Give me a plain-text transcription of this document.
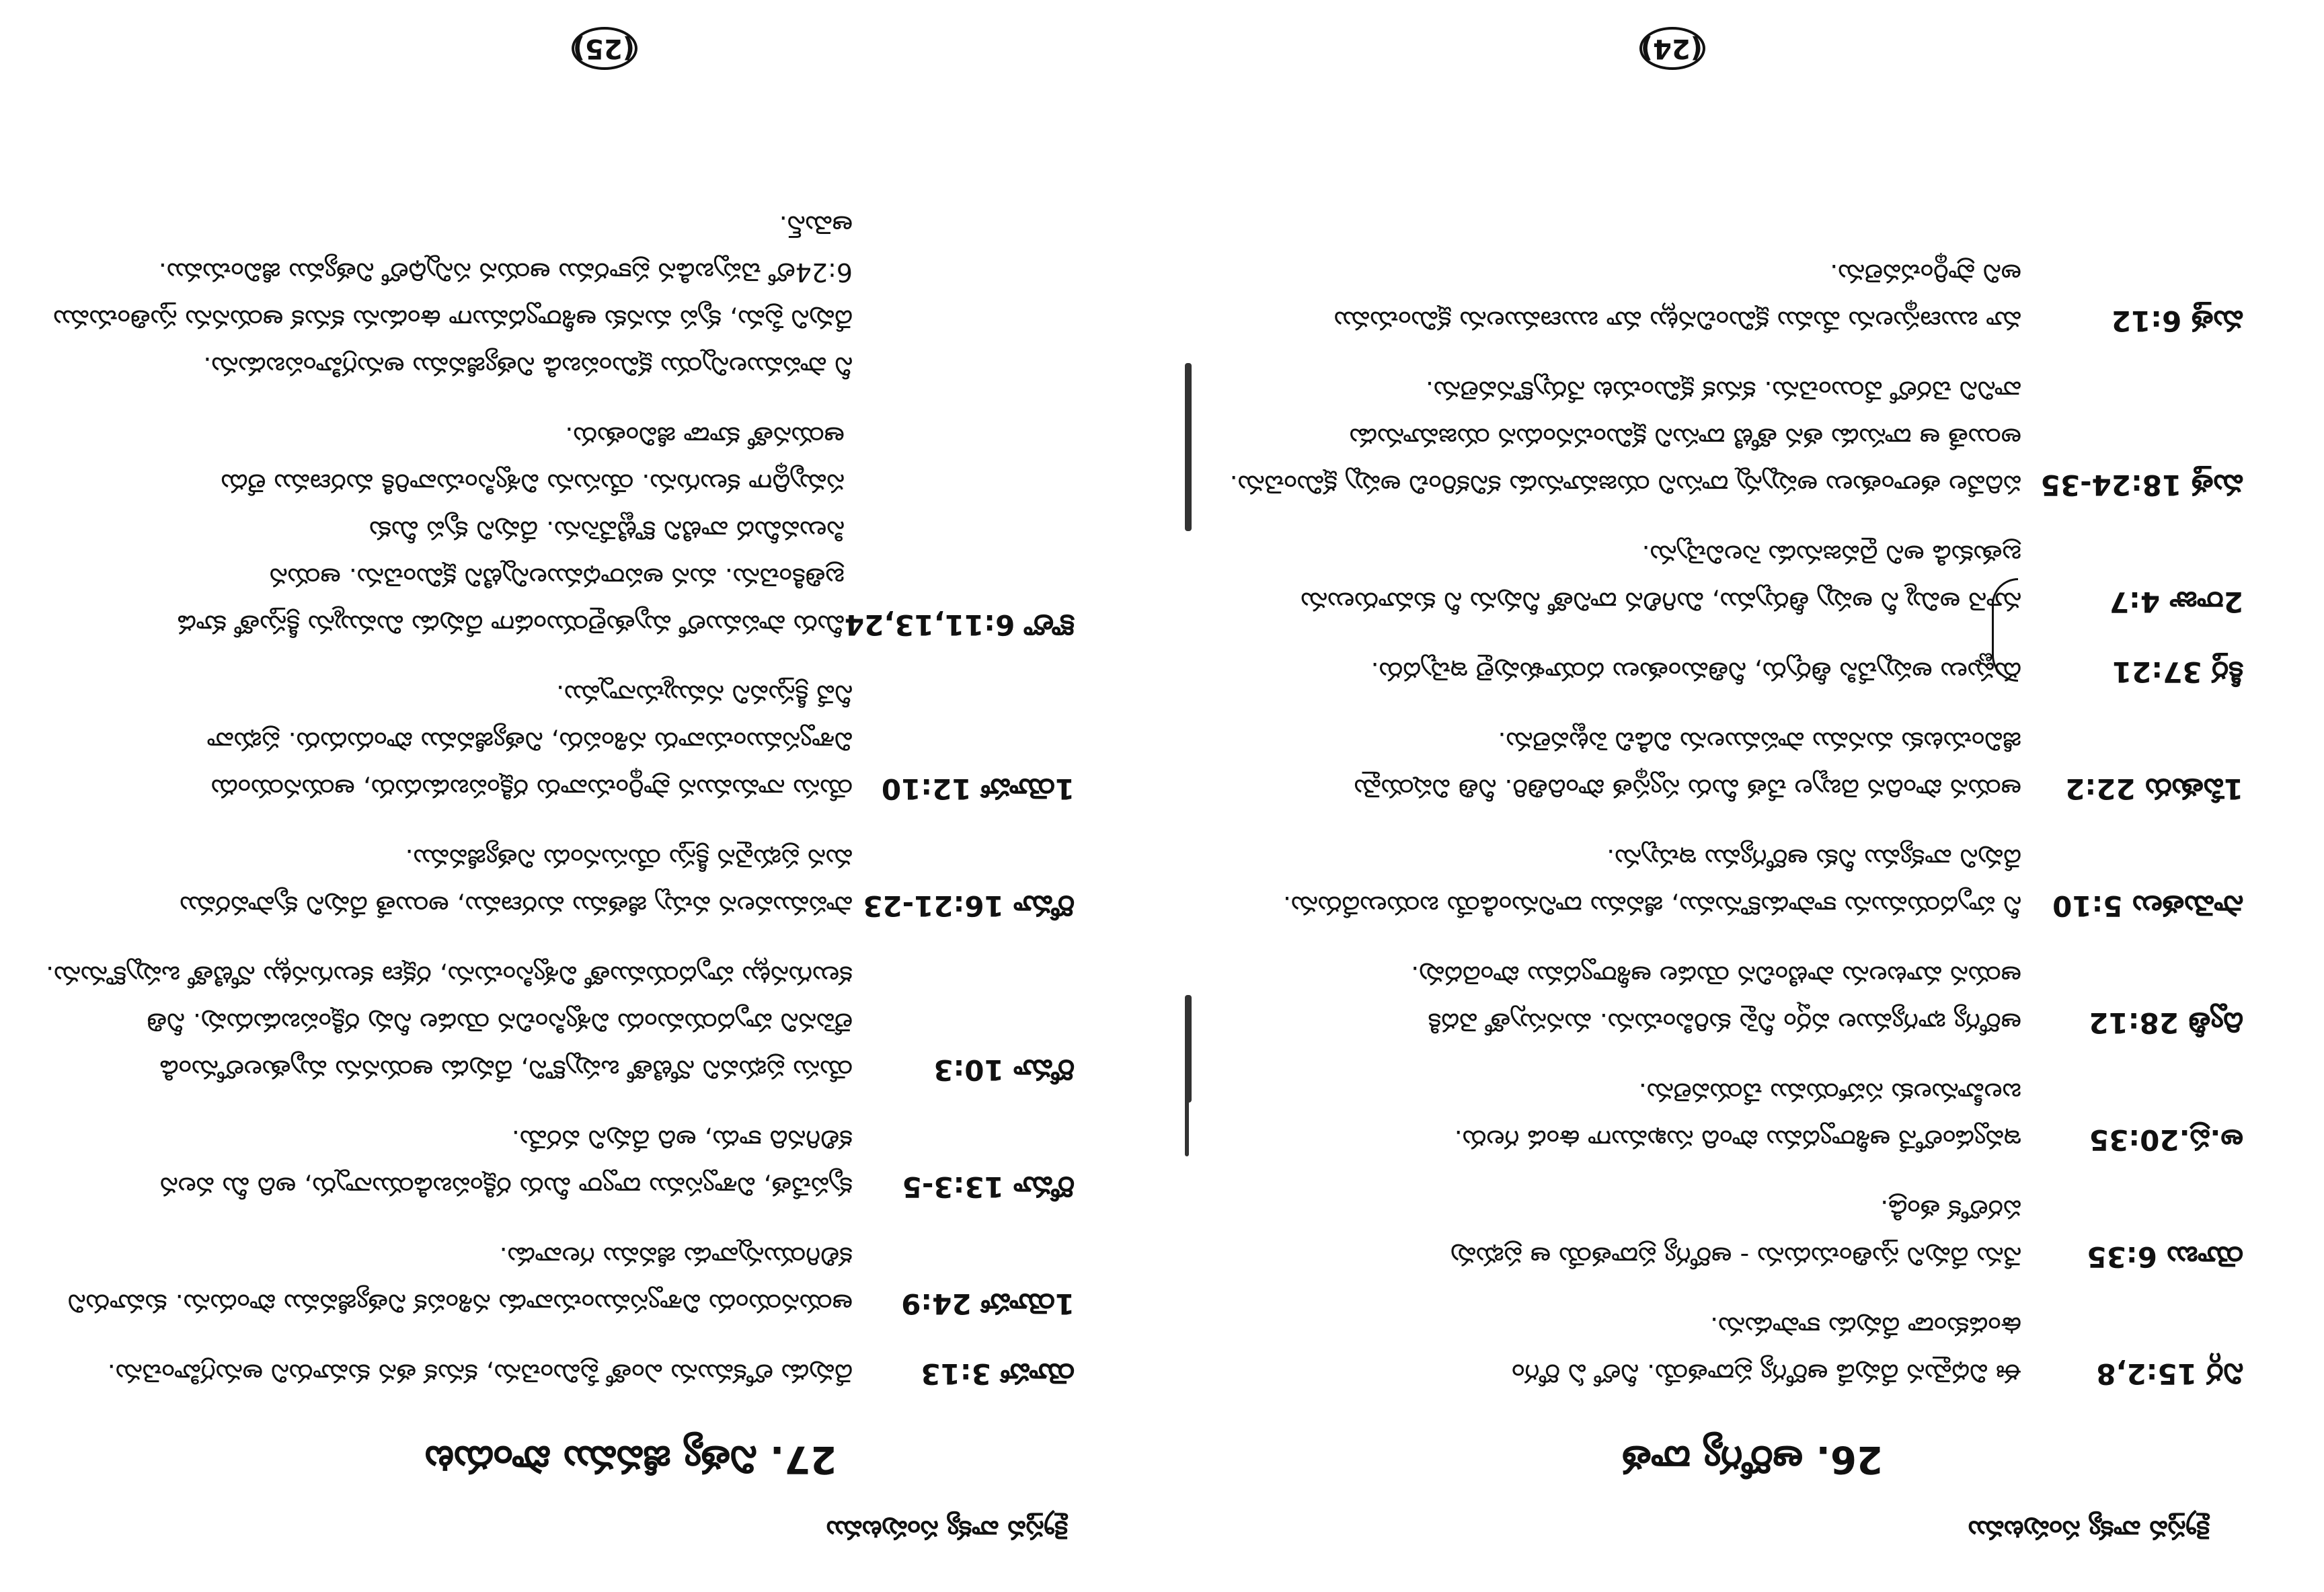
క్రైస్తవ వాక్య సంపుటము
26. ఆరోగ్య దాత
నిర్గ 15:2,8
ఈ విధమైన దేవుడే ఆరోగ్య ప్రదాతయే. నీలో ఏ రోగం
ఉండకుండా దేవుడు కాపాడును.
యోబు 6:35
నేను దేవుని స్తుతించుదును - ఆరోగ్య ప్రదాతయే ఆ ప్రభువు
పరలోక తండ్రి.
అ.ప్ర.20:35
ఇవ్వడంలోనే ఆశీర్వాదము పొంది సుఖముగా ఉండ గలరు.
బలహీనులకు సహాయము చేయవలెను.
ద్వితీ 28:12
ఆరోగ్య భాగ్యముల వర్షం నీపై కురిపించును. మనస్సుతో వెదకి
ఆయన మాటలను పాటించిన యెడల ఆశీర్వాదము పొందెదవు.
సామెతలు 5:10
నీ హృదయమును కాపాడుకొనుము, జీవము దానినుండియే బయలుదేరును.
దేవుని వాక్యము నీకు ఆరోగ్యము ఇచ్చును.
1పేతురు 22:2
ఆయన పొందిన దెబ్బల చేత మీరు స్వస్థత పొందితిరి. నీతి విషయమై
జీవించుటకు మనము పాపములను విడిచి పెట్టవలెను.
కీర్త 37:21
దుష్టులు అప్పుచేసి తీర్చరు, నీతిమంతులు దయాళువులై ఇచ్చెదరు.
2రాజు 4:7
నూనె అమ్మి నీ అప్పు తీర్చుము, మిగిలిన దానితో నీవును నీ కుమారులును
బ్రతుకుడి అని దైవజనుడు సెలవిచ్చెను.
మత్త 18:24-35
పదివేల తలాంతులు అప్పున్న దాసుని యజమానుడు కనికరించి అప్పు క్షమించెను.
అయితే ఆ దాసుడు తన తోటి దాసుని క్షమించనందున యజమానుడు
వానిని చెరలో వేయించెను. కనుక క్షమించుట నేర్చుకొనవలెను.
మత్త 6:12
మా ఋణస్థులను మేము క్షమించినట్లు మా ఋణములను క్షమించుము
అని ప్రార్థించవలెను.
(24)
క్రైస్తవ వాక్య సంపుటము
27. నిత్య జీవము పొందుట
యోహా 3:13
దేవుడు లోకమును ఎంతో ప్రేమించెను, కనుక తన కుమారుని అనుగ్రహించెను.
1యోహా 24:9
ఆయనయందు విశ్వాసముంచువాడు నశింపక నిత్యజీవము పొందును. కుమారుని
కలిగియున్నవాడు జీవము గలవాడు.
రోమా 13:3-5
కృపచేత, విశ్వాసము ద్వారా మీరు రక్షింపబడియున్నారు, అది మీ వలన
కలిగినది కాదు, అది దేవుని వరమే.
రోమా 10:3
యేసు ప్రభువని నోటితో ఒప్పుకొని, దేవుడు ఆయనను మృతులలోనుండి
లేపెనని హృదయమందు విశ్వసించిన యెడల నీవు రక్షింపబడుదువు. నీతి
కలుగునట్లు హృదయముతో విశ్వసించును, రక్షణ కలుగునట్లు నోటితో ఒప్పుకొనును.
రోమా 16:21-23
పాపమువలన వచ్చు జీతము మరణము, అయితే దేవుని కృపావరము
మన ప్రభువైన క్రీస్తు యేసునందు నిత్యజీవము.
1యోహా 12:10
యేసు నామమున ప్రార్థించువారు రక్షింపబడుదురు, ఆయనయందు
విశ్వాసముంచువారు నశింపరు, నిత్యజీవము పొందుదురు. ప్రభువా
నీవే క్రీస్తువని నమ్ముచున్నాము.
కొలొ 6:11,13,24
మీరు పాపములో మృతులైయుండగా దేవుడు మిమ్మును క్రీస్తుతో కూడ
బ్రతికించెను. మన అపరాధములన్నిటిని క్షమించెను. ఆయన
సిలువమీద వాటిని కొట్టివేసెను. దేవుని కృప మీకు
సమృద్ధిగా కలుగును. యేసును విశ్వసించువారికి మరణము లేదు
ఆయనతో కూడా జీవింతురు.
నీ పాపములన్నియు క్షమింపబడి నిత్యజీవము అనుగ్రహింపబడును.
దేవుని ప్రేమ, కృప మనకు ఆశీర్వాదముగా ఉండును కనుక ఆయనను స్తుతించుము
6:24లో చెప్పబడిన ప్రకారము ఆయన సన్నిధిలో నిత్యము జీవించుము.
ఆమెన్.
(25)
